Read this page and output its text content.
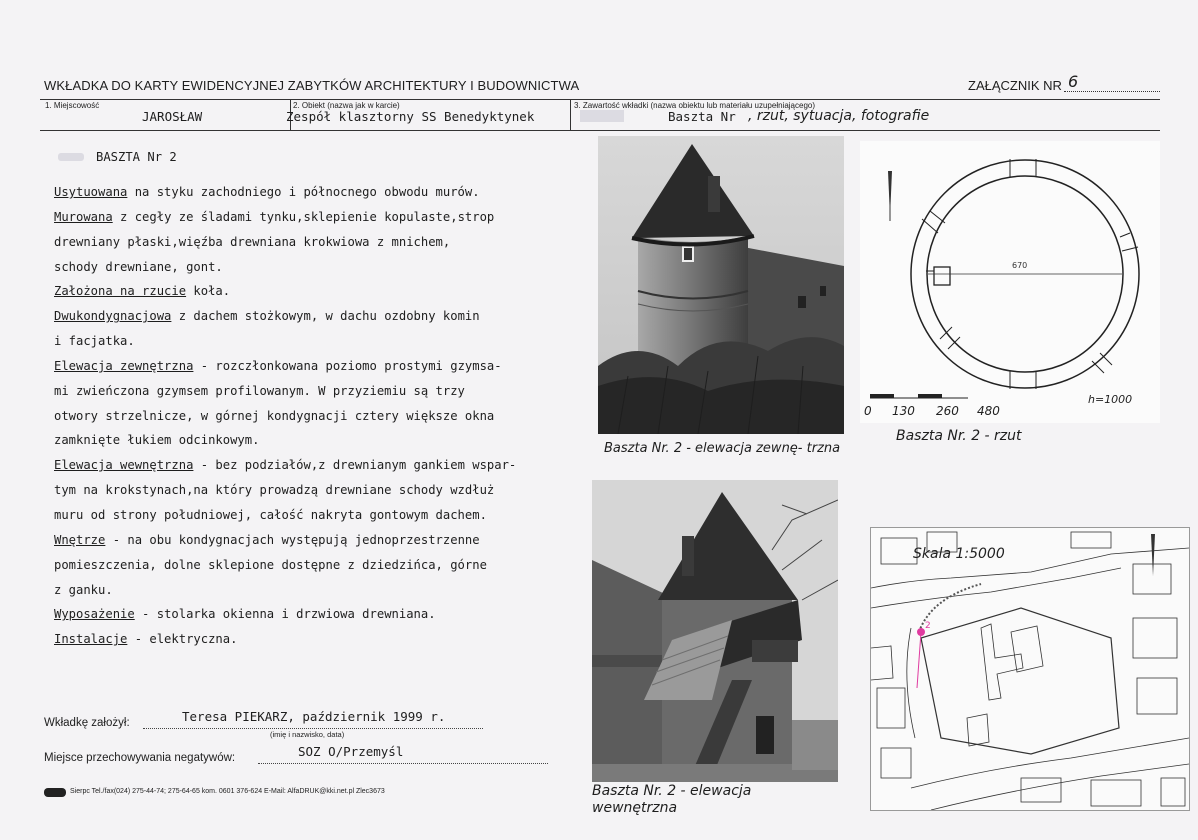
WKŁADKA DO KARTY EWIDENCYJNEJ ZABYTKÓW ARCHITEKTURY I BUDOWNICTWA	ZAŁĄCZNIK NR 6
1. Miejscowość
JAROSŁAW
2. Obiekt (nazwa jak w karcie)
Zespół klasztorny SS Benedyktynek
3. Zawartość wkładki (nazwa obiektu lub materiału uzupełniającego)
Baszta Nr , rzut, sytuacja, fotografie
BASZTA Nr 2
Usytuowana na styku zachodniego i północnego obwodu murów.
Murowana z cegły ze śladami tynku,sklepienie kopulaste,strop
drewniany płaski,więźba drewniana krokwiowa z mnichem,
schody drewniane, gont.
Założona na rzucie koła.
Dwukondygnacjowa z dachem stożkowym, w dachu ozdobny komin
i facjatka.
Elewacja zewnętrzna - rozczłonkowana poziomo prostymi gzymsa-
mi zwieńczona gzymsem profilowanym. W przyziemiu są trzy
otwory strzelnicze, w górnej kondygnacji cztery większe okna
zamknięte łukiem odcinkowym.
Elewacja wewnętrzna - bez podziałów,z drewnianym gankiem wspar-
tym na krokstynach,na który prowadzą drewniane schody wzdłuż
muru od strony południowej, całość nakryta gontowym dachem.
Wnętrze - na obu kondygnacjach występują jednoprzestrzenne
pomieszczenia, dolne sklepione dostępne z dziedzińca, górne
z ganku.
Wyposażenie - stolarka okienna i drzwiowa drewniana.
Instalacje - elektryczna.
Baszta Nr. 2 - elewacja zewnę- trzna
670
0 130 260 480
h=1000
Baszta Nr. 2 - rzut
Baszta Nr. 2 - elewacja wewnętrzna
2
Skala 1:5000
Wkładkę założył:	Teresa PIEKARZ, październik 1999 r.
(imię i nazwisko, data)
Miejsce przechowywania negatywów:	SOZ O/Przemyśl
Sierpc Tel./fax(024) 275-44-74; 275-64-65 kom. 0601 376-624 E-Mail: AlfaDRUK@kki.net.pl Zlec3673
